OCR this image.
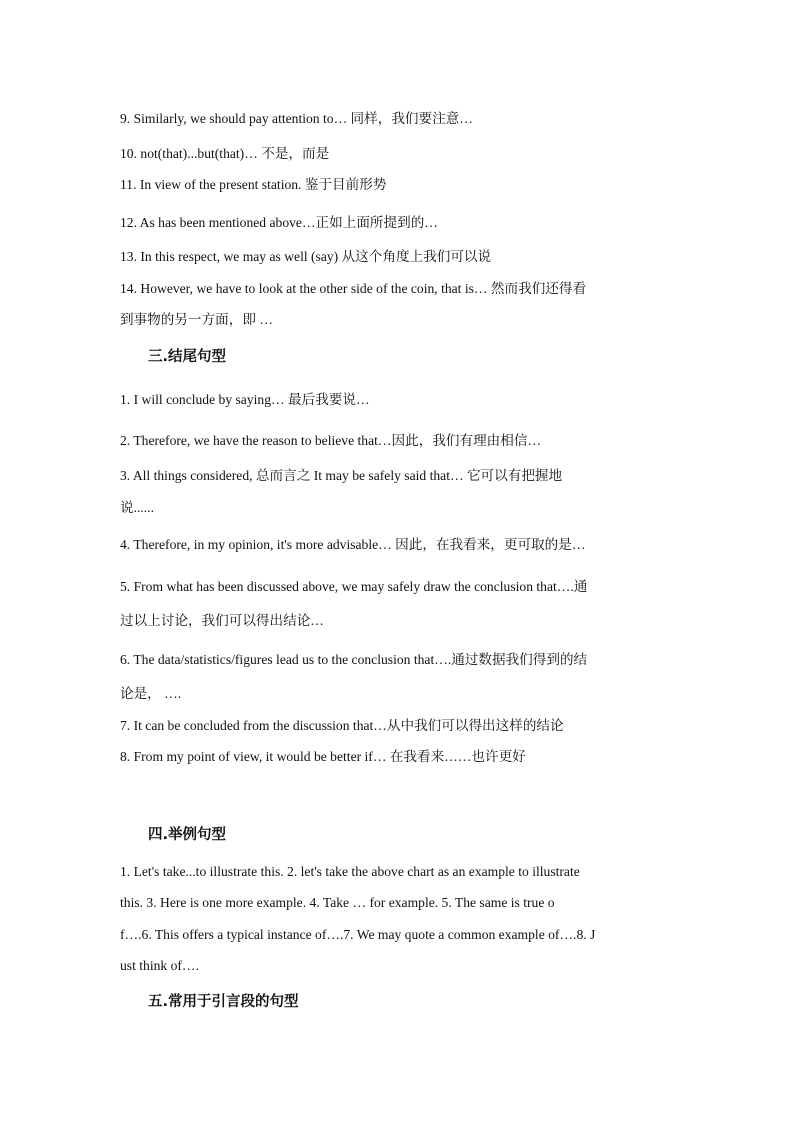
9. Similarly, we should pay attention to… 同样，我们要注意…
10. not(that)...but(that)… 不是，而是
11. In view of the present station. 鉴于目前形势
12. As has been mentioned above…正如上面所提到的…
13. In this respect, we may as well (say) 从这个角度上我们可以说
14. However, we have to look at the other side of the coin, that is… 然而我们还得看
到事物的另一方面，即 …
三.结尾句型
1. I will conclude by saying… 最后我要说…
2. Therefore, we have the reason to believe that…因此，我们有理由相信…
3. All things considered, 总而言之 It may be safely said that… 它可以有把握地
说......
4. Therefore, in my opinion, it's more advisable… 因此，在我看来，更可取的是…
5. From what has been discussed above, we may safely draw the conclusion that….通
过以上讨论，我们可以得出结论…
6. The data/statistics/figures lead us to the conclusion that….通过数据我们得到的结
论是， ….
7. It can be concluded from the discussion that…从中我们可以得出这样的结论
8. From my point of view, it would be better if… 在我看来……也许更好
四.举例句型
1. Let's take...to illustrate this. 2. let's take the above chart as an example to illustrate
this. 3. Here is one more example. 4. Take … for example. 5. The same is true o
f….6. This offers a typical instance of….7. We may quote a common example of….8. J
ust think of….
五.常用于引言段的句型
